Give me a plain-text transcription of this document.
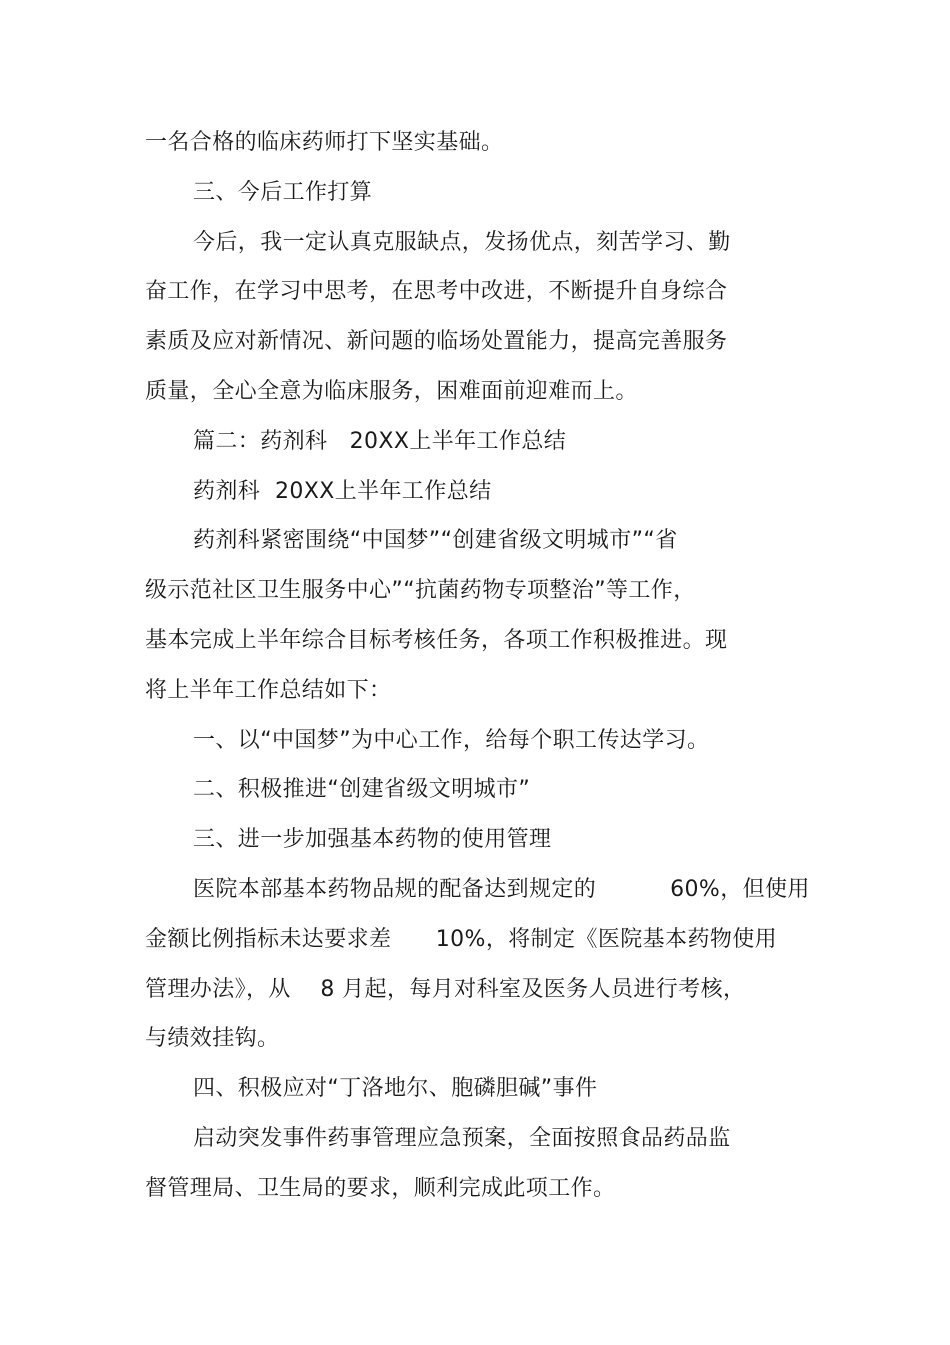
一名合格的临床药师打下坚实基础。
三、今后工作打算
今后，我一定认真克服缺点，发扬优点，刻苦学习、勤
奋工作，在学习中思考，在思考中改进，不断提升自身综合
素质及应对新情况、新问题的临场处置能力，提高完善服务
质量，全心全意为临床服务，困难面前迎难而上。
篇二：药剂科   20XX上半年工作总结
药剂科  20XX上半年工作总结
药剂科紧密围绕“中国梦”“创建省级文明城市”“省
级示范社区卫生服务中心”“抗菌药物专项整治”等工作，
基本完成上半年综合目标考核任务，各项工作积极推进。现
将上半年工作总结如下：
一、以“中国梦”为中心工作，给每个职工传达学习。
二、积极推进“创建省级文明城市”
三、进一步加强基本药物的使用管理
医院本部基本药物品规的配备达到规定的          60%，但使用
金额比例指标未达要求差      10%，将制定《医院基本药物使用
管理办法》，从    8 月起，每月对科室及医务人员进行考核，
与绩效挂钩。
四、积极应对“丁洛地尔、胞磷胆碱”事件
启动突发事件药事管理应急预案，全面按照食品药品监
督管理局、卫生局的要求，顺利完成此项工作。
